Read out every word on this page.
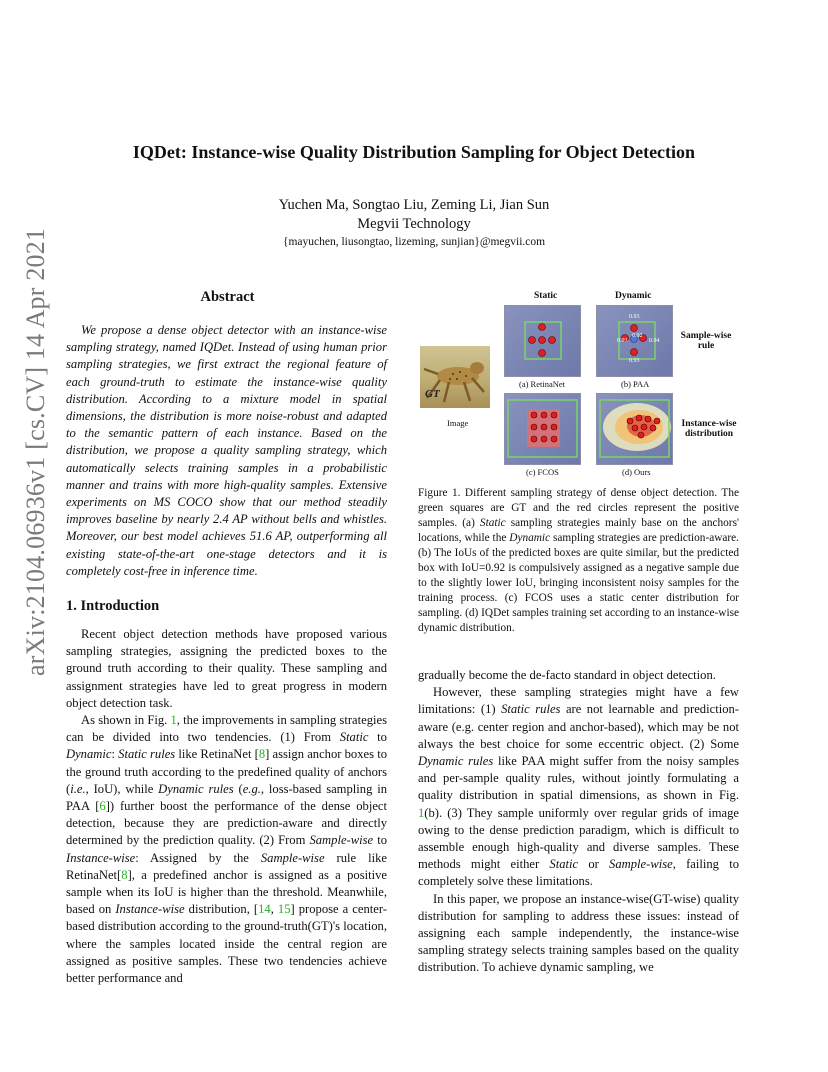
arXiv:2104.06936v1 [cs.CV] 14 Apr 2021
IQDet: Instance-wise Quality Distribution Sampling for Object Detection
Yuchen Ma, Songtao Liu, Zeming Li, Jian Sun
Megvii Technology
{mayuchen, liusongtao, lizeming, sunjian}@megvii.com
Abstract

We propose a dense object detector with an instance-wise sampling strategy, named IQDet. Instead of using human prior sampling strategies, we first extract the regional feature of each ground-truth to estimate the instance-wise quality distribution. According to a mixture model in spatial dimensions, the distribution is more noise-robust and adapted to the semantic pattern of each instance. Based on the distribution, we propose a quality sampling strategy, which automatically selects training samples in a probabilistic manner and trains with more high-quality samples. Extensive experiments on MS COCO show that our method steadily improves baseline by nearly 2.4 AP without bells and whistles. Moreover, our best model achieves 51.6 AP, outperforming all existing state-of-the-art one-stage detectors and it is completely cost-free in inference time.

1. Introduction

Recent object detection methods have proposed various sampling strategies, assigning the predicted boxes to the ground truth according to their quality. These sampling and assignment strategies have led to great progress in modern object detection task.

As shown in Fig. 1, the improvements in sampling strategies can be divided into two tendencies. (1) From Static to Dynamic: Static rules like RetinaNet [8] assign anchor boxes to the ground truth according to the predefined quality of anchors (i.e., IoU), while Dynamic rules (e.g., loss-based sampling in PAA [6]) further boost the performance of the dense object detection, because they are prediction-aware and directly determined by the prediction quality. (2) From Sample-wise to Instance-wise: Assigned by the Sample-wise rule like RetinaNet[8], a predefined anchor is assigned as a positive sample when its IoU is higher than the threshold. Meanwhile, based on Instance-wise distribution, [14, 15] propose a center-based distribution according to the ground-truth(GT)'s location, where the samples located inside the central region are assigned as positive samples. These two tendencies achieve better performance and

Static	Dynamic
GT
Image
(a) RetinaNet
0.93
0.92
0.93	0.94
0.93
(b) PAA
Sample-wise rule
(c) FCOS	(d) Ours
Instance-wise distribution
Figure 1. Different sampling strategy of dense object detection. The green squares are GT and the red circles represent the positive samples. (a) Static sampling strategies mainly base on the anchors' locations, while the Dynamic sampling strategies are prediction-aware. (b) The IoUs of the predicted boxes are quite similar, but the predicted box with IoU=0.92 is compulsively assigned as a negative sample due to the slightly lower IoU, bringing inconsistent noisy samples for the training process. (c) FCOS uses a static center distribution for sampling. (d) IQDet samples training set according to an instance-wise dynamic distribution.

gradually become the de-facto standard in object detection.

However, these sampling strategies might have a few limitations: (1) Static rules are not learnable and prediction-aware (e.g. center region and anchor-based), which may be not always the best choice for some eccentric object. (2) Some Dynamic rules like PAA might suffer from the noisy samples and per-sample quality rules, without jointly formulating a quality distribution in spatial dimensions, as shown in Fig. 1(b). (3) They sample uniformly over regular grids of image owing to the dense prediction paradigm, which is difficult to assemble enough high-quality and diverse samples. These methods might either Static or Sample-wise, failing to completely solve these limitations.

In this paper, we propose an instance-wise(GT-wise) quality distribution for sampling to address these issues: instead of assigning each sample independently, the instance-wise sampling strategy selects training samples based on the quality distribution. To achieve dynamic sampling, we
